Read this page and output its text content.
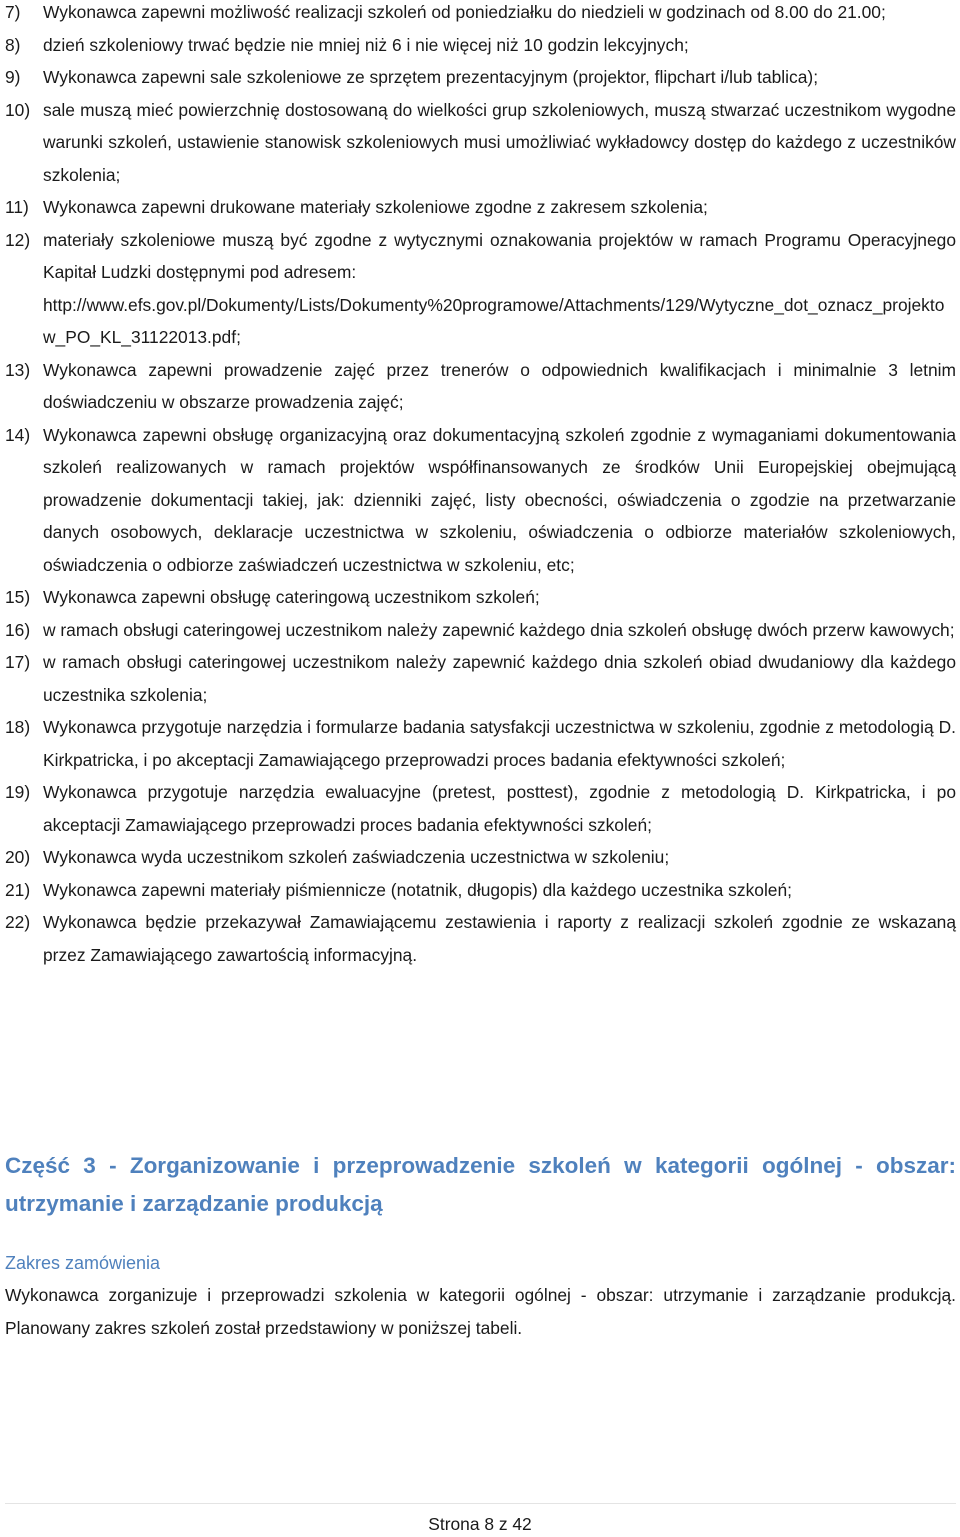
7)	Wykonawca zapewni możliwość realizacji szkoleń od poniedziałku do niedzieli w godzinach od 8.00 do 21.00;
8)	dzień szkoleniowy trwać będzie nie mniej niż 6 i nie więcej niż 10 godzin lekcyjnych;
9)	Wykonawca zapewni sale szkoleniowe ze sprzętem prezentacyjnym (projektor, flipchart i/lub tablica);
10) sale muszą mieć powierzchnię dostosowaną do wielkości grup szkoleniowych, muszą stwarzać uczestnikom wygodne warunki szkoleń, ustawienie stanowisk szkoleniowych musi umożliwiać wykładowcy dostęp do każdego z uczestników szkolenia;
11) Wykonawca zapewni drukowane materiały szkoleniowe zgodne z zakresem szkolenia;
12) materiały szkoleniowe muszą być zgodne z wytycznymi oznakowania projektów w ramach Programu Operacyjnego Kapitał Ludzki dostępnymi pod adresem:
http://www.efs.gov.pl/Dokumenty/Lists/Dokumenty%20programowe/Attachments/129/Wytyczne_dot_oznacz_projektow_PO_KL_31122013.pdf;
13) Wykonawca zapewni prowadzenie zajęć przez trenerów o odpowiednich kwalifikacjach i minimalnie 3 letnim doświadczeniu w obszarze prowadzenia zajęć;
14) Wykonawca zapewni obsługę organizacyjną oraz dokumentacyjną szkoleń zgodnie z wymaganiami dokumentowania szkoleń realizowanych w ramach projektów współfinansowanych ze środków Unii Europejskiej obejmującą prowadzenie dokumentacji takiej, jak: dzienniki zajęć, listy obecności, oświadczenia o zgodzie na przetwarzanie danych osobowych, deklaracje uczestnictwa w szkoleniu, oświadczenia o odbiorze materiałów szkoleniowych, oświadczenia o odbiorze zaświadczeń uczestnictwa w szkoleniu, etc;
15) Wykonawca zapewni obsługę cateringową uczestnikom szkoleń;
16) w ramach obsługi cateringowej uczestnikom należy zapewnić każdego dnia szkoleń obsługę dwóch przerw kawowych;
17) w ramach obsługi cateringowej uczestnikom należy zapewnić każdego dnia szkoleń obiad dwudaniowy dla każdego uczestnika szkolenia;
18) Wykonawca przygotuje narzędzia i formularze badania satysfakcji uczestnictwa w szkoleniu, zgodnie z metodologią D. Kirkpatricka, i po akceptacji Zamawiającego przeprowadzi proces badania efektywności szkoleń;
19) Wykonawca przygotuje narzędzia ewaluacyjne (pretest, posttest), zgodnie z metodologią D. Kirkpatricka, i po akceptacji Zamawiającego przeprowadzi proces badania efektywności szkoleń;
20) Wykonawca wyda uczestnikom szkoleń zaświadczenia uczestnictwa w szkoleniu;
21) Wykonawca zapewni materiały piśmiennicze (notatnik, długopis) dla każdego uczestnika szkoleń;
22) Wykonawca będzie przekazywał Zamawiającemu zestawienia i raporty z realizacji szkoleń zgodnie ze wskazaną przez Zamawiającego zawartością informacyjną.
Część 3 - Zorganizowanie i przeprowadzenie szkoleń w kategorii ogólnej - obszar: utrzymanie i zarządzanie produkcją
Zakres zamówienia

Wykonawca zorganizuje i przeprowadzi szkolenia w kategorii ogólnej - obszar: utrzymanie i zarządzanie produkcją. Planowany zakres szkoleń został przedstawiony w poniższej tabeli.

Strona 8 z 42
